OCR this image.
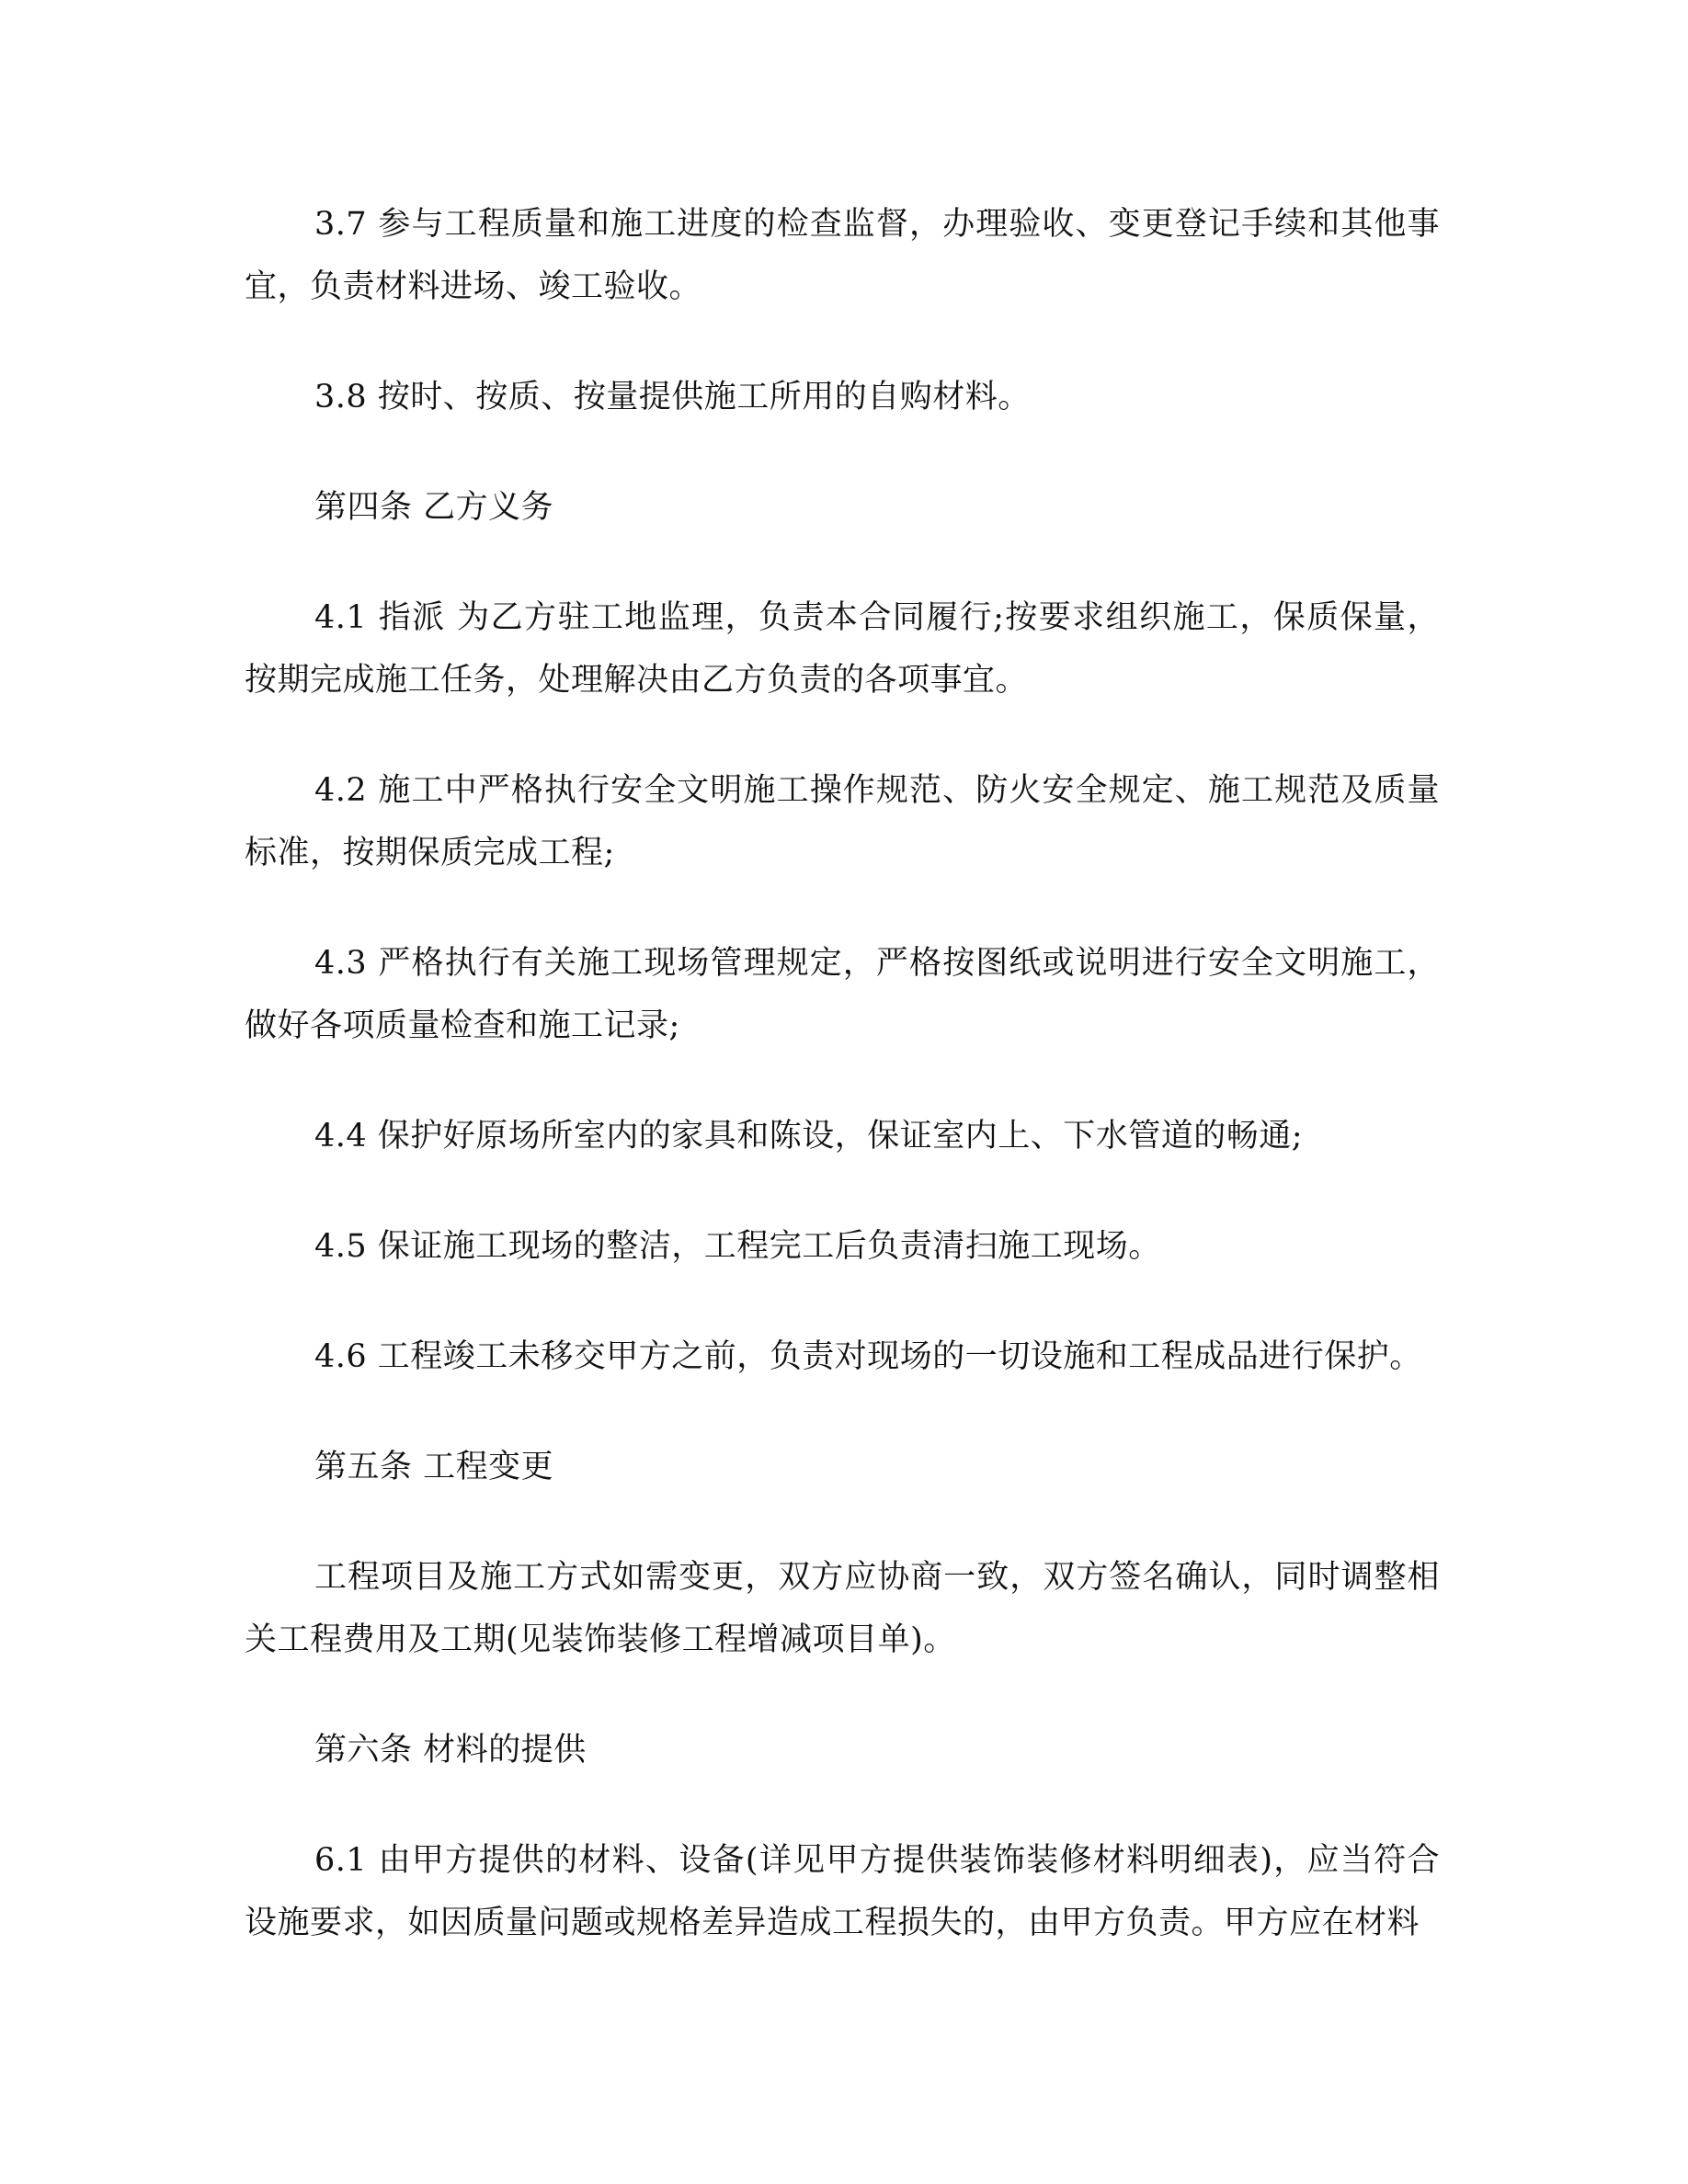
3.7 参与工程质量和施工进度的检查监督，办理验收、变更登记手续和其他事宜，负责材料进场、竣工验收。

3.8 按时、按质、按量提供施工所用的自购材料。

第四条 乙方义务

4.1 指派 为乙方驻工地监理，负责本合同履行;按要求组织施工，保质保量，按期完成施工任务，处理解决由乙方负责的各项事宜。

4.2 施工中严格执行安全文明施工操作规范、防火安全规定、施工规范及质量标准，按期保质完成工程;

4.3 严格执行有关施工现场管理规定，严格按图纸或说明进行安全文明施工，做好各项质量检查和施工记录;

4.4 保护好原场所室内的家具和陈设，保证室内上、下水管道的畅通;

4.5 保证施工现场的整洁，工程完工后负责清扫施工现场。

4.6 工程竣工未移交甲方之前，负责对现场的一切设施和工程成品进行保护。

第五条 工程变更

工程项目及施工方式如需变更，双方应协商一致，双方签名确认，同时调整相关工程费用及工期(见装饰装修工程增减项目单)。

第六条 材料的提供

6.1 由甲方提供的材料、设备(详见甲方提供装饰装修材料明细表)，应当符合设施要求，如因质量问题或规格差异造成工程损失的，由甲方负责。甲方应在材料
